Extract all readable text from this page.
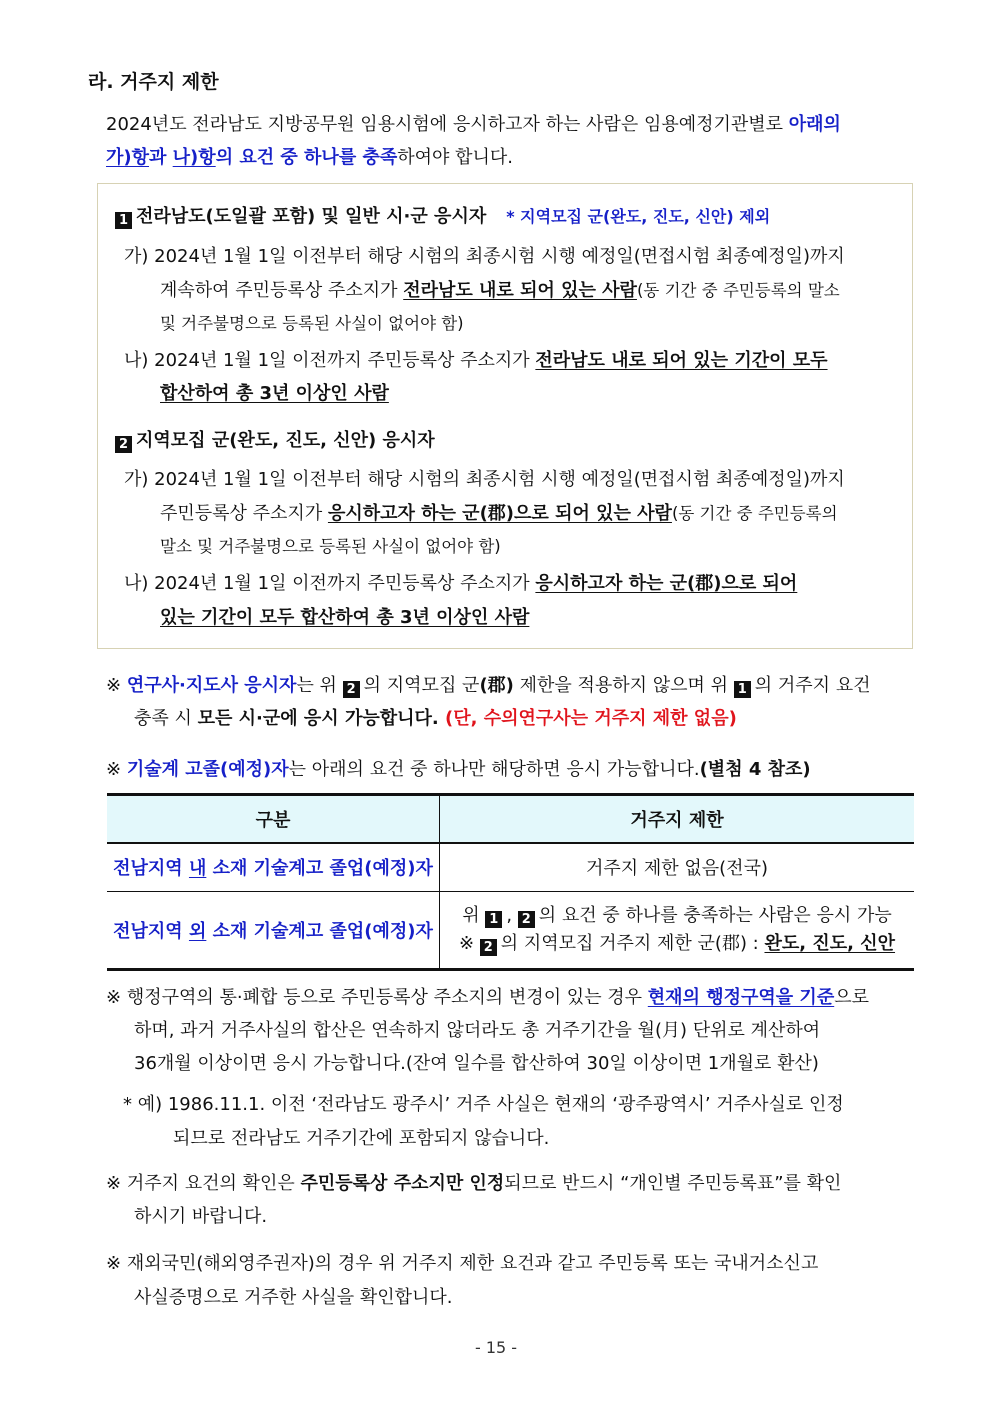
라. 거주지 제한
2024년도 전라남도 지방공무원 임용시험에 응시하고자 하는 사람은 임용예정기관별로 아래의
가)항과 나)항의 요건 중 하나를 충족하여야 합니다.
1 전라남도(도일괄 포함) 및 일반 시·군 응시자 * 지역모집 군(완도, 진도, 신안) 제외
가) 2024년 1월 1일 이전부터 해당 시험의 최종시험 시행 예정일(면접시험 최종예정일)까지
계속하여 주민등록상 주소지가 전라남도 내로 되어 있는 사람(동 기간 중 주민등록의 말소
및 거주불명으로 등록된 사실이 없어야 함)
나) 2024년 1월 1일 이전까지 주민등록상 주소지가 전라남도 내로 되어 있는 기간이 모두
합산하여 총 3년 이상인 사람
2 지역모집 군(완도, 진도, 신안) 응시자
가) 2024년 1월 1일 이전부터 해당 시험의 최종시험 시행 예정일(면접시험 최종예정일)까지
주민등록상 주소지가 응시하고자 하는 군(郡)으로 되어 있는 사람(동 기간 중 주민등록의
말소 및 거주불명으로 등록된 사실이 없어야 함)
나) 2024년 1월 1일 이전까지 주민등록상 주소지가 응시하고자 하는 군(郡)으로 되어
있는 기간이 모두 합산하여 총 3년 이상인 사람
※ 연구사·지도사 응시자는 위 2 의 지역모집 군(郡) 제한을 적용하지 않으며 위 1 의 거주지 요건
충족 시 모든 시·군에 응시 가능합니다. (단, 수의연구사는 거주지 제한 없음)
※ 기술계 고졸(예정)자는 아래의 요건 중 하나만 해당하면 응시 가능합니다.(별첨 4 참조)
구분	거주지 제한
전남지역 내 소재 기술계고 졸업(예정)자	거주지 제한 없음(전국)
전남지역 외 소재 기술계고 졸업(예정)자	위 1 , 2 의 요건 중 하나를 충족하는 사람은 응시 가능
※ 2 의 지역모집 거주지 제한 군(郡) : 완도, 진도, 신안
※ 행정구역의 통·폐합 등으로 주민등록상 주소지의 변경이 있는 경우 현재의 행정구역을 기준으로
하며, 과거 거주사실의 합산은 연속하지 않더라도 총 거주기간을 월(月) 단위로 계산하여
36개월 이상이면 응시 가능합니다.(잔여 일수를 합산하여 30일 이상이면 1개월로 환산)
* 예) 1986.11.1. 이전 ‘전라남도 광주시’ 거주 사실은 현재의 ‘광주광역시’ 거주사실로 인정
되므로 전라남도 거주기간에 포함되지 않습니다.
※ 거주지 요건의 확인은 주민등록상 주소지만 인정되므로 반드시 “개인별 주민등록표”를 확인
하시기 바랍니다.
※ 재외국민(해외영주권자)의 경우 위 거주지 제한 요건과 같고 주민등록 또는 국내거소신고
사실증명으로 거주한 사실을 확인합니다.
- 15 -
